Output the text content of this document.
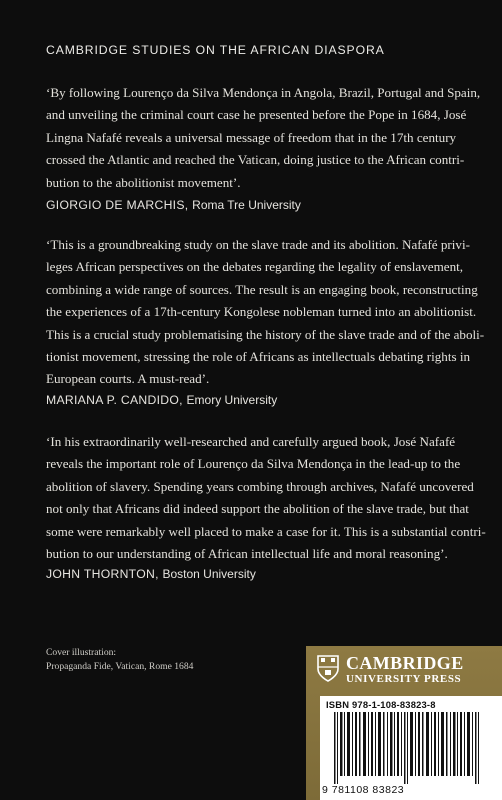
CAMBRIDGE STUDIES ON THE AFRICAN DIASPORA

‘By following Lourenço da Silva Mendonça in Angola, Brazil, Portugal and Spain,
and unveiling the criminal court case he presented before the Pope in 1684, José
Lingna Nafafé reveals a universal message of freedom that in the 17th century
crossed the Atlantic and reached the Vatican, doing justice to the African contri-
bution to the abolitionist movement’.

GIORGIO DE MARCHIS, Roma Tre University

‘This is a groundbreaking study on the slave trade and its abolition. Nafafé privi-
leges African perspectives on the debates regarding the legality of enslavement,
combining a wide range of sources. The result is an engaging book, reconstructing
the experiences of a 17th-century Kongolese nobleman turned into an abolitionist.
This is a crucial study problematising the history of the slave trade and of the aboli-
tionist movement, stressing the role of Africans as intellectuals debating rights in
European courts. A must-read’.

MARIANA P. CANDIDO, Emory University

‘In his extraordinarily well-researched and carefully argued book, José Nafafé
reveals the important role of Lourenço da Silva Mendonça in the lead-up to the
abolition of slavery. Spending years combing through archives, Nafafé uncovered
not only that Africans did indeed support the abolition of the slave trade, but that
some were remarkably well placed to make a case for it. This is a substantial contri-
bution to our understanding of African intellectual life and moral reasoning’.

JOHN THORNTON, Boston University
Cover illustration:
Propaganda Fide, Vatican, Rome 1684	CAMBRIDGE
UNIVERSITY PRESS
ISBN 978-1-108-83823-8
9 781108 83823
